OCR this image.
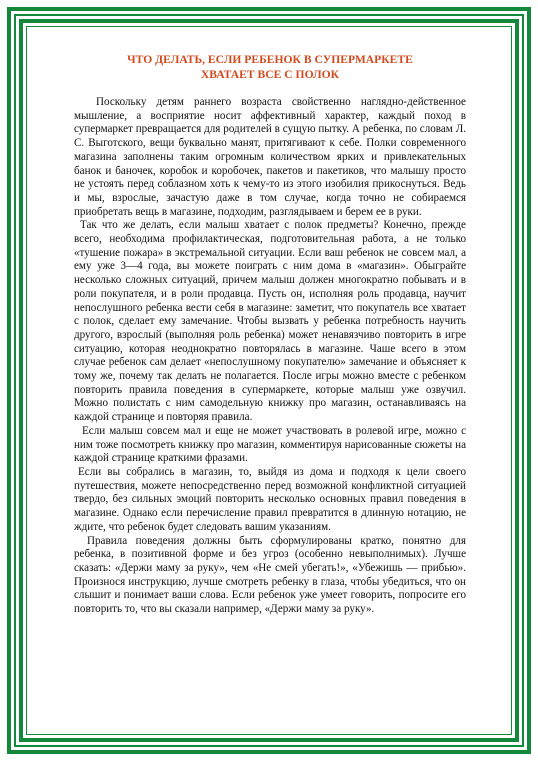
ЧТО ДЕЛАТЬ, ЕСЛИ РЕБЕНОК В СУПЕРМАРКЕТЕ
ХВАТАЕТ ВСЕ С ПОЛОК

Поскольку детям раннего возраста свойственно наглядно-действенное мышление, а восприятие носит аффективный характер, каждый поход в супермаркет превращается для родителей в сущую пытку. А ребенка, по словам Л. С. Выготского, вещи буквально манят, притягивают к себе. Полки современного магазина заполнены таким огромным количеством ярких и привлекательных банок и баночек, коробок и коробочек, пакетов и пакетиков, что малышу просто не устоять перед соблазном хоть к чему-то из этого изобилия прикоснуться. Ведь и мы, взрослые, зачастую даже в том случае, когда точно не собираемся приобретать вещь в магазине, подходим, разглядываем и берем ее в руки.

Так что же делать, если малыш хватает с полок предметы? Конечно, прежде всего, необходима профилактическая, подготовительная работа, а не только «тушение пожара» в экстремальной ситуации. Если ваш ребенок не совсем мал, а ему уже 3—4 года, вы можете поиграть с ним дома в «магазин». Обыграйте несколько сложных ситуаций, причем малыш должен многократно побывать и в роли покупателя, и в роли продавца. Пусть он, исполняя роль продавца, научит непослушного ребенка вести себя в магазине: заметит, что покупатель все хватает с полок, сделает ему замечание. Чтобы вызвать у ребенка потребность научить другого, взрослый (выполняя роль ребенка) может ненавязчиво повторить в игре ситуацию, которая неоднократно повторялась в магазине. Чаше всего в этом случае ребенок сам делает «непослушному покупателю» замечание и объясняет к тому же, почему так делать не полагается. После игры можно вместе с ребенком повторить правила поведения в супермаркете, которые малыш уже озвучил. Можно полистать с ним самодельную книжку про магазин, останавливаясь на каждой странице и повторяя правила.

Если малыш совсем мал и еще не может участвовать в ролевой игре, можно с ним тоже посмотреть книжку про магазин, комментируя нарисованные сюжеты на каждой странице краткими фразами.

Если вы собрались в магазин, то, выйдя из дома и подходя к цели своего путешествия, можете непосредственно перед возможной конфликтной ситуацией твердо, без сильных эмоций повторить несколько основных правил поведения в магазине. Однако если перечисление правил превратится в длинную нотацию, не ждите, что ребенок будет следовать вашим указаниям.

Правила поведения должны быть сформулированы кратко, понятно для ребенка, в позитивной форме и без угроз (особенно невыполнимых). Лучше сказать: «Держи маму за руку», чем «Не смей убегать!», «Убежишь — прибью». Произнося инструкцию, лучше смотреть ребенку в глаза, чтобы убедиться, что он слышит и понимает ваши слова. Если ребенок уже умеет говорить, попросите его повторить то, что вы сказали например, «Держи маму за руку».
